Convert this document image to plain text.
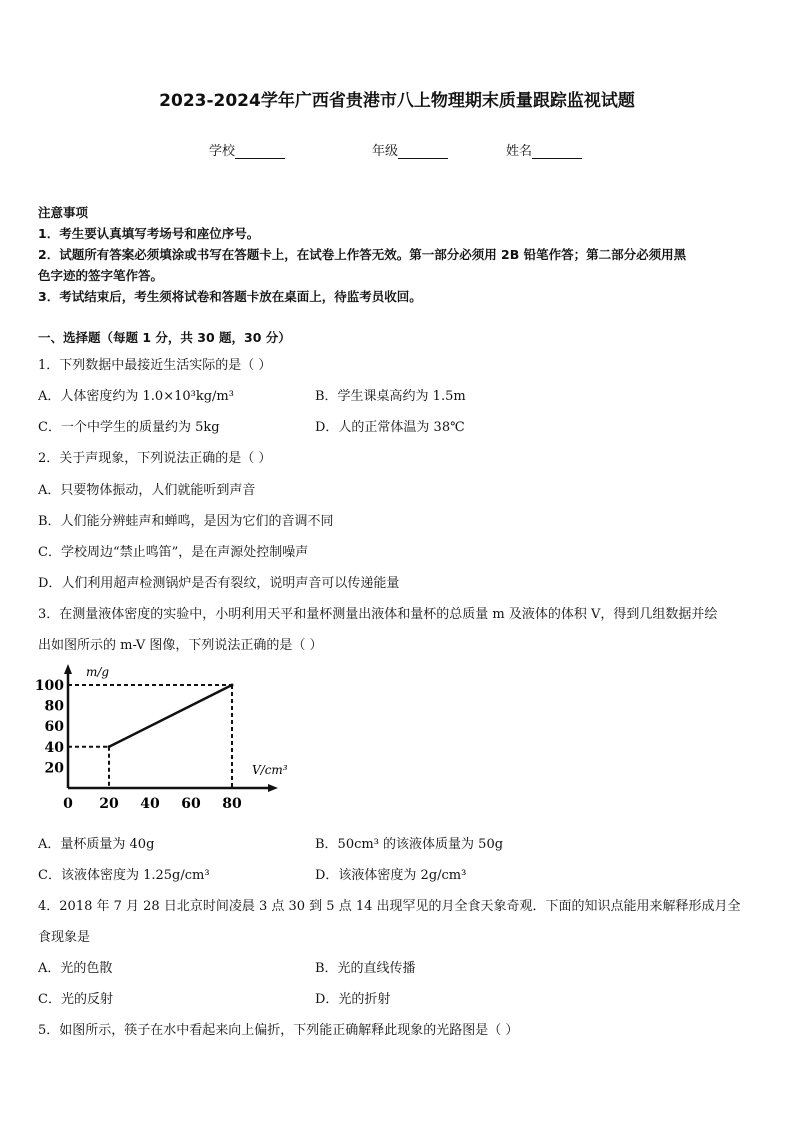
2023-2024学年广西省贵港市八上物理期末质量跟踪监视试题
学校	年级	姓名
注意事项
1．考生要认真填写考场号和座位序号。
2．试题所有答案必须填涂或书写在答题卡上，在试卷上作答无效。第一部分必须用 2B 铅笔作答；第二部分必须用黑
色字迹的签字笔作答。
3．考试结束后，考生须将试卷和答题卡放在桌面上，待监考员收回。
一、选择题（每题 1 分，共 30 题，30 分）
1．下列数据中最接近生活实际的是（ ）
A．人体密度约为 1.0×10³kg/m³	B．学生课桌高约为 1.5m
C．一个中学生的质量约为 5kg	D．人的正常体温为 38℃
2．关于声现象，下列说法正确的是（ ）
A．只要物体振动，人们就能听到声音
B．人们能分辨蛙声和蝉鸣，是因为它们的音调不同
C．学校周边“禁止鸣笛”，是在声源处控制噪声
D．人们利用超声检测锅炉是否有裂纹，说明声音可以传递能量
3．在测量液体密度的实验中，小明利用天平和量杯测量出液体和量杯的总质量 m 及液体的体积 V，得到几组数据并绘
出如图所示的 m-V 图像，下列说法正确的是（ ）
m/g
V/cm³
20
40
60
80
100
0 20 40 60 80
A．量杯质量为 40g	B．50cm³ 的该液体质量为 50g
C．该液体密度为 1.25g/cm³	D．该液体密度为 2g/cm³
4．2018 年 7 月 28 日北京时间凌晨 3 点 30 到 5 点 14 出现罕见的月全食天象奇观．下面的知识点能用来解释形成月全
食现象是
A．光的色散	B．光的直线传播
C．光的反射	D．光的折射
5．如图所示，筷子在水中看起来向上偏折，下列能正确解释此现象的光路图是（ ）
